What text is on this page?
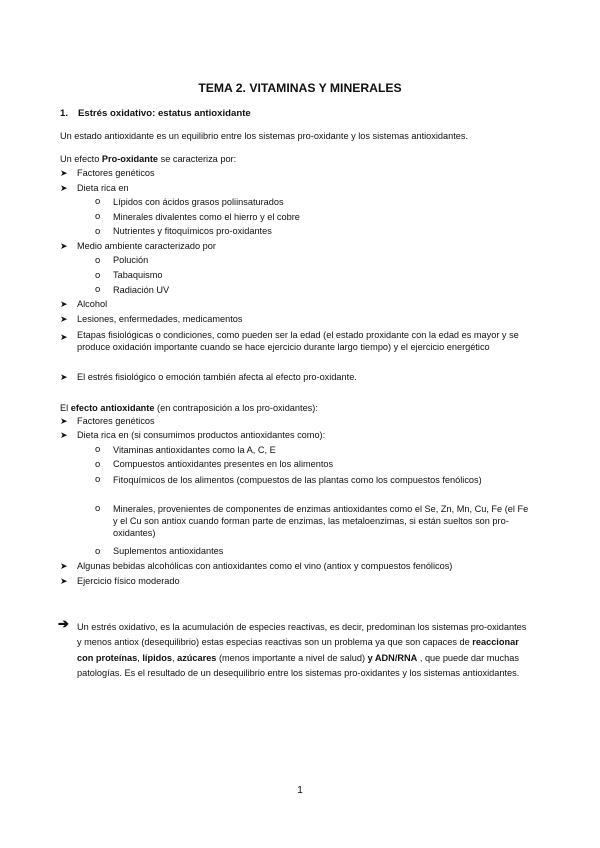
TEMA 2. VITAMINAS Y MINERALES
1. Estrés oxidativo: estatus antioxidante
Un estado antioxidante es un equilibrio entre los sistemas pro-oxidante y los sistemas antioxidantes.
Un efecto Pro-oxidante se caracteriza por:
➤ Factores genéticos
➤ Dieta rica en
o Lípidos con ácidos grasos poliinsaturados
o Minerales divalentes como el hierro y el cobre
o Nutrientes y fitoquímicos pro-oxidantes
➤ Medio ambiente caracterizado por
o Polución
o Tabaquismo
o Radiación UV
➤ Alcohol
➤ Lesiones, enfermedades, medicamentos
➤ Etapas fisiológicas o condiciones, como pueden ser la edad (el estado proxidante con la edad es mayor y se produce oxidación importante cuando se hace ejercicio durante largo tiempo) y el ejercicio energético
➤ El estrés fisiológico o emoción también afecta al efecto pro-oxidante.
El efecto antioxidante (en contraposición a los pro-oxidantes):
➤ Factores genéticos
➤ Dieta rica en (si consumimos productos antioxidantes como):
o Vitaminas antioxidantes como la A, C, E
o Compuestos antioxidantes presentes en los alimentos
o Fitoquímicos de los alimentos (compuestos de las plantas como los compuestos fenólicos)
o Minerales, provenientes de componentes de enzimas antioxidantes como el Se, Zn, Mn, Cu, Fe (el Fe y el Cu son antiox cuando forman parte de enzimas, las metaloenzimas, si están sueltos son pro-oxidantes)
o Suplementos antioxidantes
➤ Algunas bebidas alcohólicas con antioxidantes como el vino (antiox y compuestos fenólicos)
➤ Ejercicio físico moderado
➔ Un estrés oxidativo, es la acumulación de especies reactivas, es decir, predominan los sistemas pro-oxidantes y menos antiox (desequilibrio) estas especias reactivas son un problema ya que son capaces de reaccionar con proteínas, lípidos, azúcares (menos importante a nivel de salud) y ADN/RNA , que puede dar muchas patologías. Es el resultado de un desequilibrio entre los sistemas pro-oxidantes y los sistemas antioxidantes.
1
